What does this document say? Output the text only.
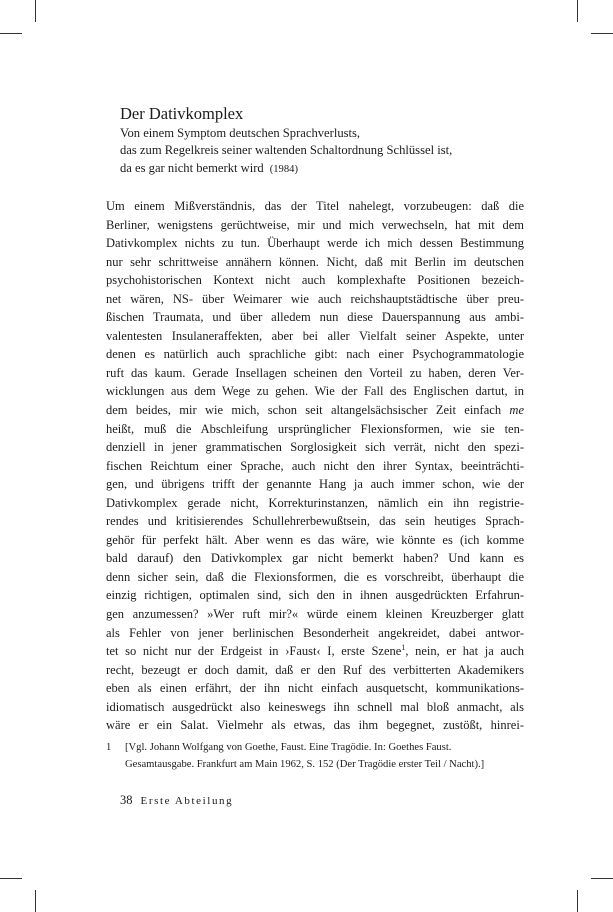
Der Dativkomplex
Von einem Symptom deutschen Sprachverlusts,
das zum Regelkreis seiner waltenden Schaltordnung Schlüssel ist,
da es gar nicht bemerkt wird (1984)
Um einem Mißverständnis, das der Titel nahelegt, vorzubeugen: daß die
Berliner, wenigstens gerüchtweise, mir und mich verwechseln, hat mit dem
Dativkomplex nichts zu tun. Überhaupt werde ich mich dessen Bestimmung
nur sehr schrittweise annähern können. Nicht, daß mit Berlin im deutschen
psychohistorischen Kontext nicht auch komplexhafte Positionen bezeich-
net wären, NS- über Weimarer wie auch reichshauptstädtische über preu-
ßischen Traumata, und über alledem nun diese Dauerspannung aus ambi-
valentesten Insulaneraffekten, aber bei aller Vielfalt seiner Aspekte, unter
denen es natürlich auch sprachliche gibt: nach einer Psychogrammatologie
ruft das kaum. Gerade Insellagen scheinen den Vorteil zu haben, deren Ver-
wicklungen aus dem Wege zu gehen. Wie der Fall des Englischen dartut, in
dem beides, mir wie mich, schon seit altangelsächsischer Zeit einfach me
heißt, muß die Abschleifung ursprünglicher Flexionsformen, wie sie ten-
denziell in jener grammatischen Sorglosigkeit sich verrät, nicht den spezi-
fischen Reichtum einer Sprache, auch nicht den ihrer Syntax, beeinträchti-
gen, und übrigens trifft der genannte Hang ja auch immer schon, wie der
Dativkomplex gerade nicht, Korrekturinstanzen, nämlich ein ihn registrie-
rendes und kritisierendes Schullehrerbewußtsein, das sein heutiges Sprach-
gehör für perfekt hält. Aber wenn es das wäre, wie könnte es (ich komme
bald darauf) den Dativkomplex gar nicht bemerkt haben? Und kann es
denn sicher sein, daß die Flexionsformen, die es vorschreibt, überhaupt die
einzig richtigen, optimalen sind, sich den in ihnen ausgedrückten Erfahrun-
gen anzumessen? »Wer ruft mir?« würde einem kleinen Kreuzberger glatt
als Fehler von jener berlinischen Besonderheit angekreidet, dabei antwor-
tet so nicht nur der Erdgeist in ›Faust‹ I, erste Szene$^1$, nein, er hat ja auch
recht, bezeugt er doch damit, daß er den Ruf des verbitterten Akademikers
eben als einen erfährt, der ihn nicht einfach ausquetscht, kommunikations-
idiomatisch ausgedrückt also keineswegs ihn schnell mal bloß anmacht, als
wäre er ein Salat. Vielmehr als etwas, das ihm begegnet, zustößt, hinrei-
1 [Vgl. Johann Wolfgang von Goethe, Faust. Eine Tragödie. In: Goethes Faust.
Gesamtausgabe. Frankfurt am Main 1962, S. 152 (Der Tragödie erster Teil / Nacht).]
38 Erste Abteilung
